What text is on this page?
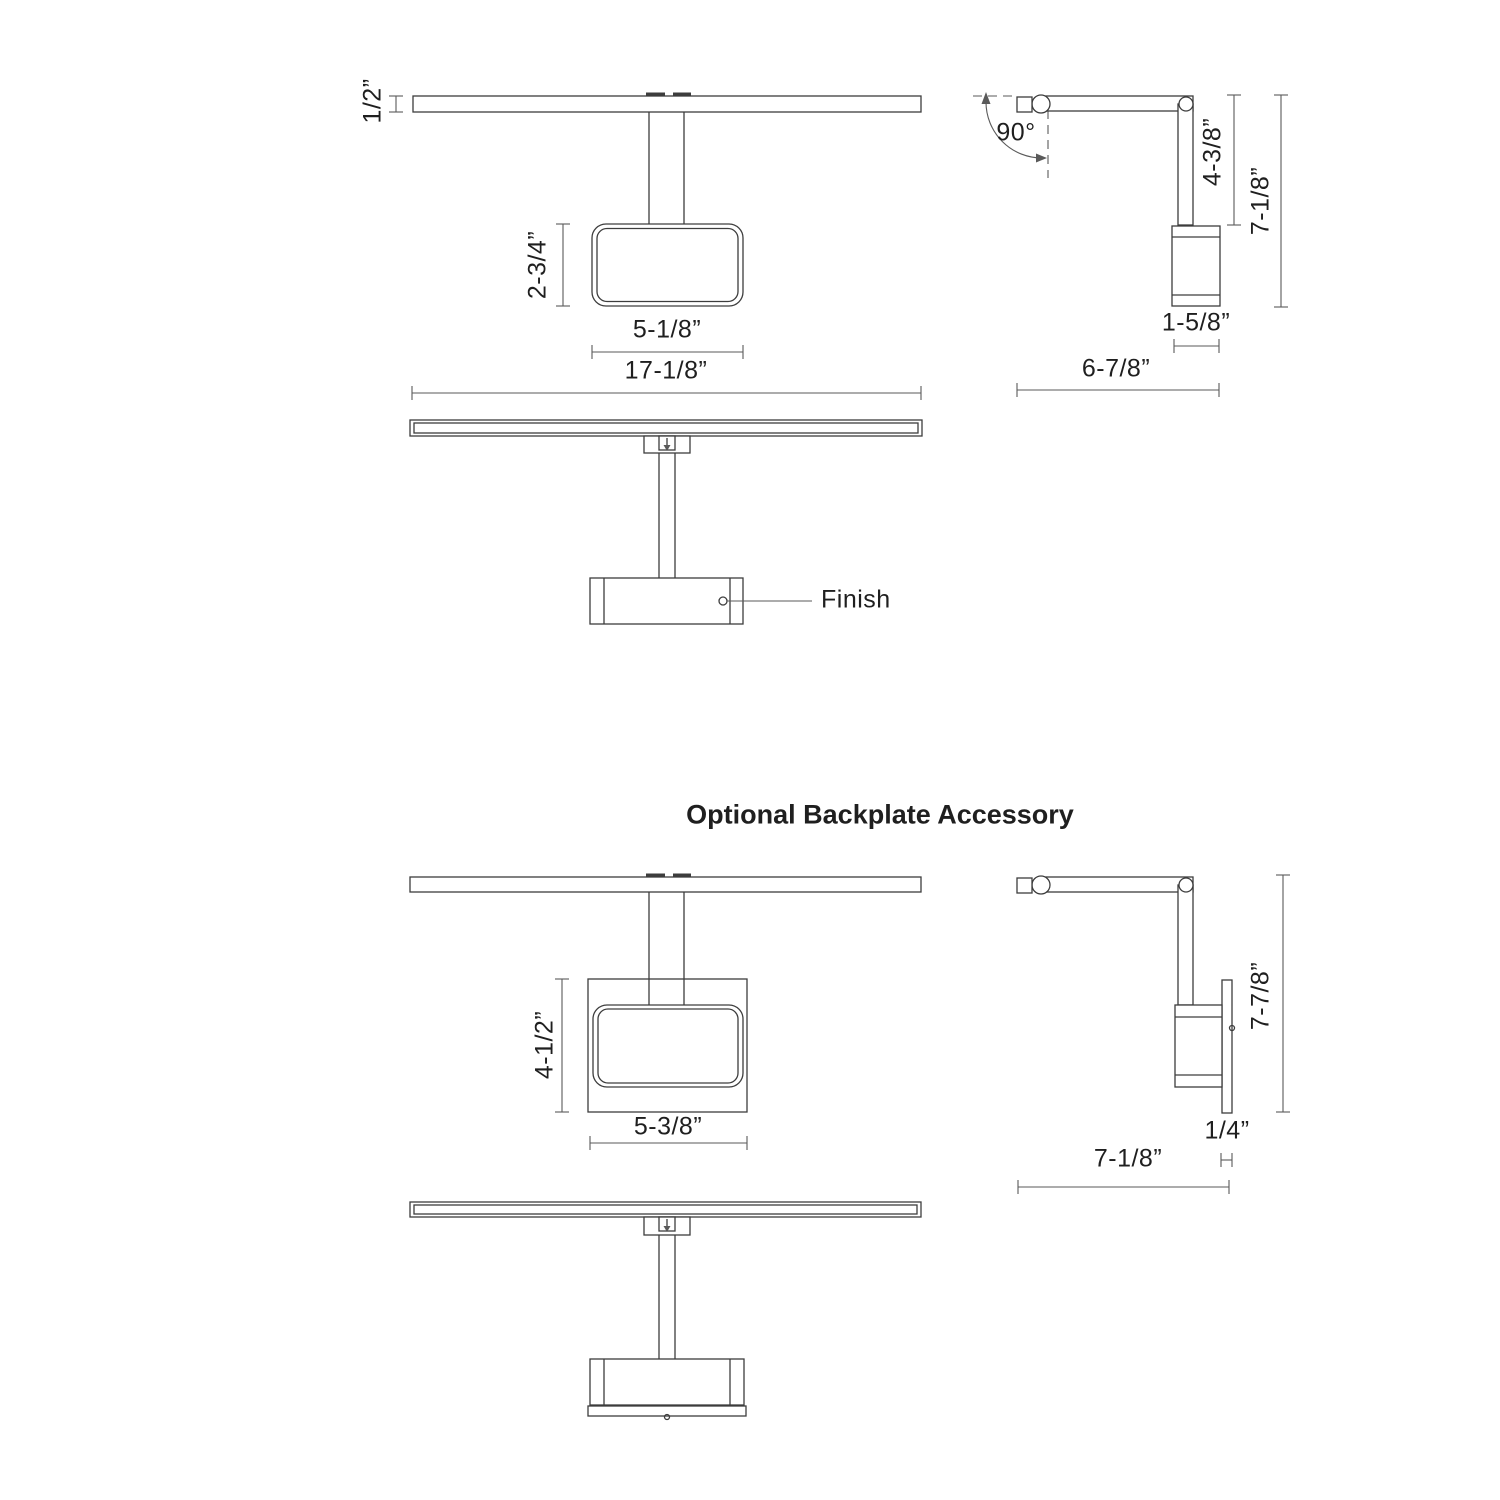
1/2”
2-3/4”
5-1/8”
17-1/8”
90°	4-3/8”
7-1/8”
1-5/8”
6-7/8”
Finish
Optional Backplate Accessory
4-1/2”
5-3/8”
7-7/8”
1/4”
7-1/8”
